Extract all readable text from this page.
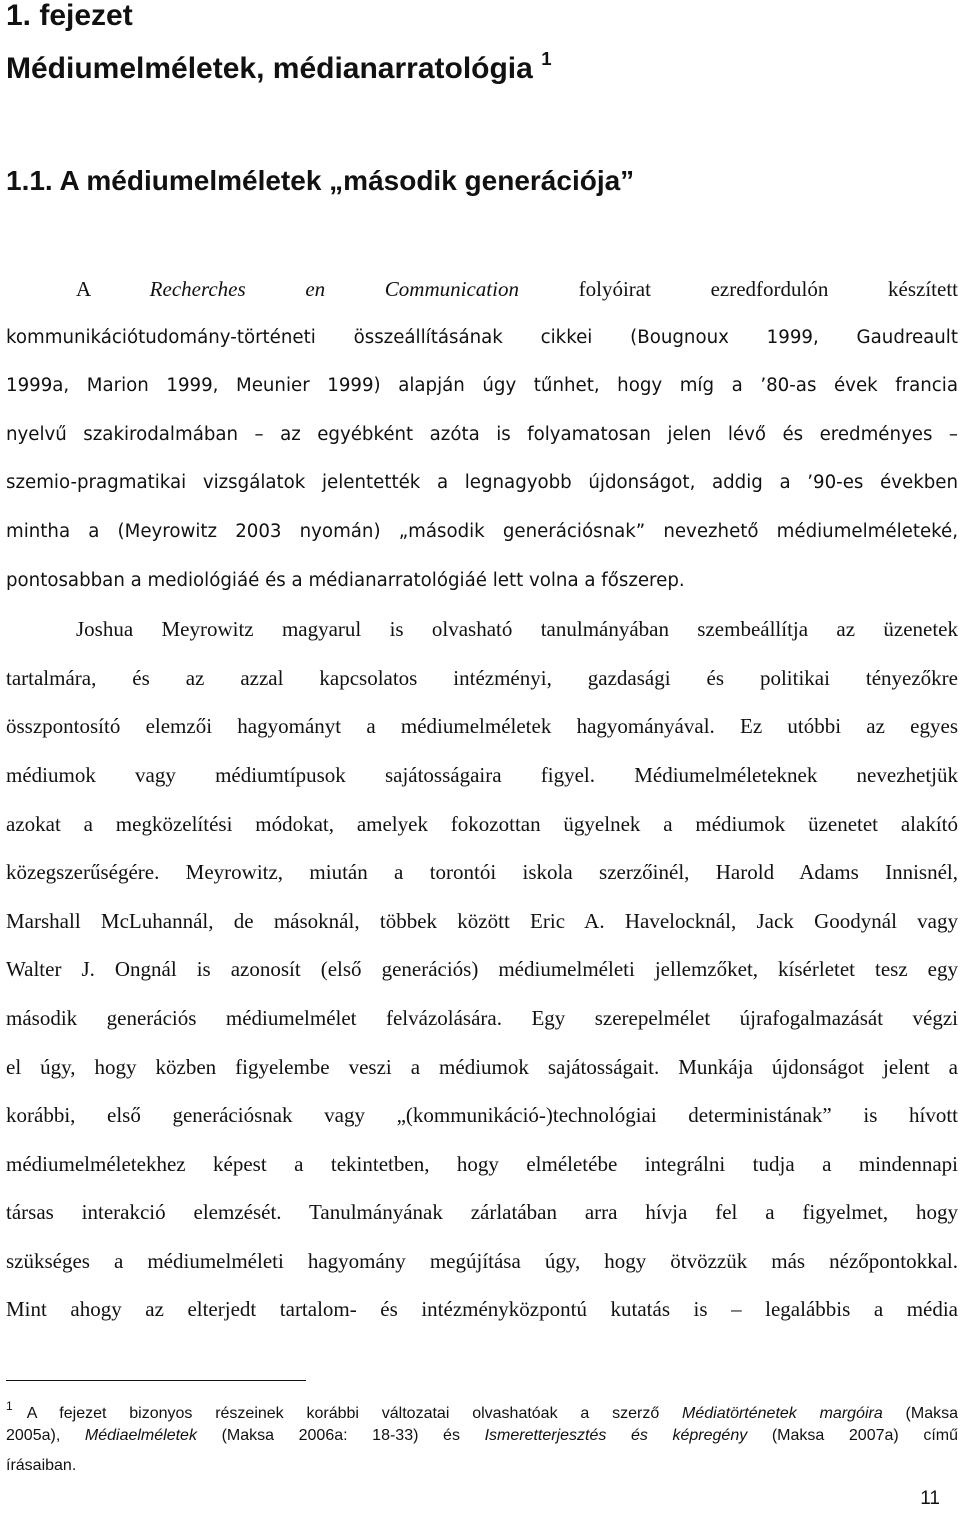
1. fejezet
Médiumelméletek, médianarratológia $^1$
1.1. A médiumelméletek „második generációja”
A Recherches en Communication folyóirat ezredfordulón készített
kommunikációtudomány-történeti összeállításának cikkei (Bougnoux 1999, Gaudreault
1999a, Marion 1999, Meunier 1999) alapján úgy tűnhet, hogy míg a ’80-as évek francia
nyelvű szakirodalmában – az egyébként azóta is folyamatosan jelen lévő és eredményes –
szemio-pragmatikai vizsgálatok jelentették a legnagyobb újdonságot, addig a ’90-es években
mintha a (Meyrowitz 2003 nyomán) „második generációsnak” nevezhető médiumelméleteké,
pontosabban a mediológiáé és a médianarratológiáé lett volna a főszerep.
Joshua Meyrowitz magyarul is olvasható tanulmányában szembeállítja az üzenetek
tartalmára, és az azzal kapcsolatos intézményi, gazdasági és politikai tényezőkre
összpontosító elemzői hagyományt a médiumelméletek hagyományával. Ez utóbbi az egyes
médiumok vagy médiumtípusok sajátosságaira figyel. Médiumelméleteknek nevezhetjük
azokat a megközelítési módokat, amelyek fokozottan ügyelnek a médiumok üzenetet alakító
közegszerűségére. Meyrowitz, miután a torontói iskola szerzőinél, Harold Adams Innisnél,
Marshall McLuhannál, de másoknál, többek között Eric A. Havelocknál, Jack Goodynál vagy
Walter J. Ongnál is azonosít (első generációs) médiumelméleti jellemzőket, kísérletet tesz egy
második generációs médiumelmélet felvázolására. Egy szerepelmélet újrafogalmazását végzi
el úgy, hogy közben figyelembe veszi a médiumok sajátosságait. Munkája újdonságot jelent a
korábbi, első generációsnak vagy „(kommunikáció-)technológiai deterministának” is hívott
médiumelméletekhez képest a tekintetben, hogy elméletébe integrálni tudja a mindennapi
társas interakció elemzését. Tanulmányának zárlatában arra hívja fel a figyelmet, hogy
szükséges a médiumelméleti hagyomány megújítása úgy, hogy ötvözzük más nézőpontokkal.
Mint ahogy az elterjedt tartalom- és intézményközpontú kutatás is – legalábbis a média
$^1$ A fejezet bizonyos részeinek korábbi változatai olvashatóak a szerző Médiatörténetek margóira (Maksa
2005a), Médiaelméletek (Maksa 2006a: 18-33) és Ismeretterjesztés és képregény (Maksa 2007a) című
írásaiban.
11
